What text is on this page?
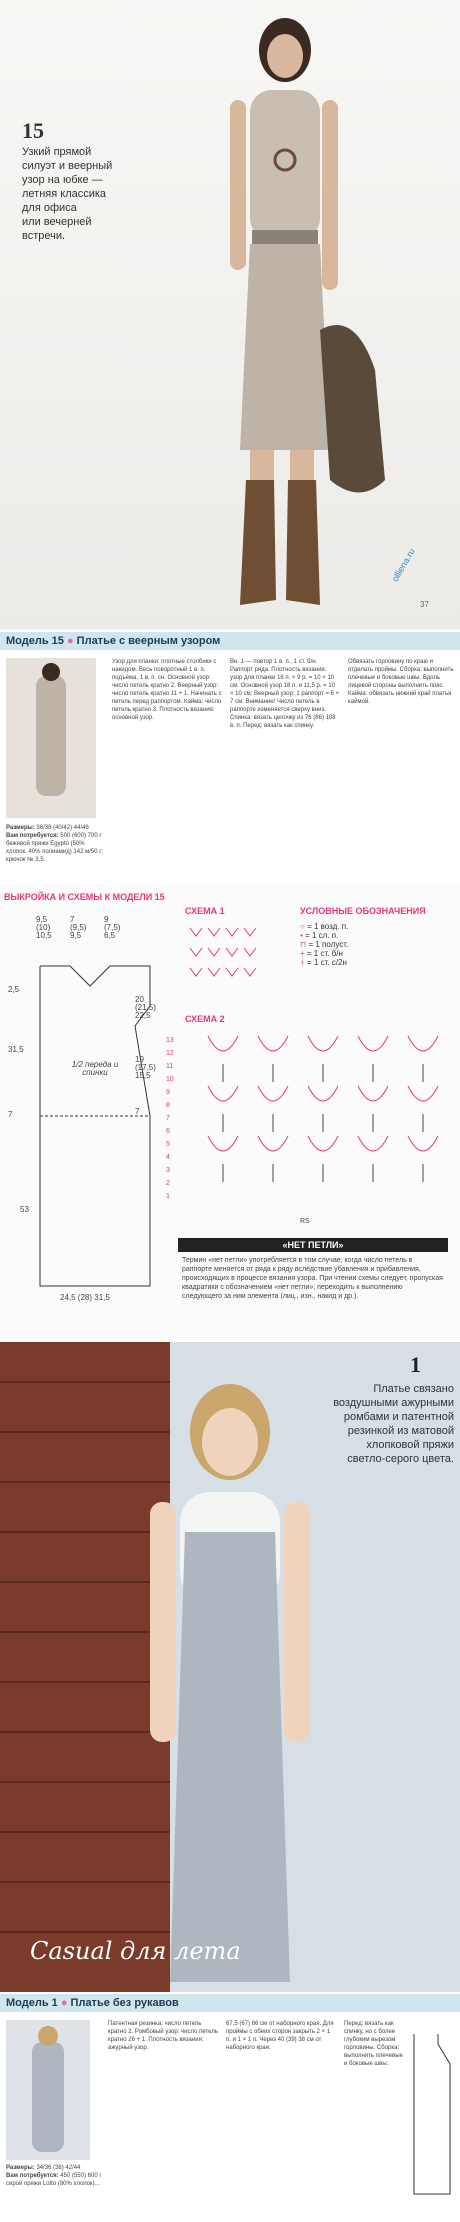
15
Узкий прямой
силуэт и веерный
узор на юбке —
летняя классика
для офиса
или вечерней
встречи.
37
olliena.ru
Модель 15 ● Платье с веерным узором
Размеры: 36/38 (40/42) 44/46
Вам потребуется: 500 (600) 700 г бежевой пряжи Egypto (50% хлопок, 40% полиамид) 142 м/50 г; крючок № 3,5.
Узор для планки: плотные столбики с накидом. Весь поворотный 1 в. п. подъёма, 1 в. п. сн. Основной узор: число петель кратно 2. Веерный узор: число петель кратно 11 + 1. Начинать с петель перед раппортом. Кайма: число петель кратно 3. Плотность вязания: основной узор.
Вн. 1 — повтор 1 в. п., 1 ст. б/н. Раппорт ряда. Плотность вязания: узор для планки 16 п. × 9 р. = 10 × 10 см. Основной узор 18 п. и 11,5 р. = 10 × 10 см; Веерный узор: 1 раппорт = 6 × 7 см. Внимание! Число петель в раппорте изменяется сверху вниз. Спинка: вязать цепочку из 76 (86) 108 в. п. Перед: вязать как спинку.
Обвязать горловину по краю и отделать проймы. Сборка: выполнить плечевые и боковые швы. Вдоль лицевой стороны выполнить пояс. Кайма: обвязать нижний край платья каймой.
ВЫКРОЙКА И СХЕМЫ К МОДЕЛИ 15
9,5
(10)
10,5
7
(9,5)
9,5
9
(7,5)
6,5
2,5
31,5
7
20
(21,5)
22,5
19
(17,5)
15,5
7
1/2 переда и спинки
53
24,5 (28) 31,5
СХЕМА 1	УСЛОВНЫЕ ОБОЗНАЧЕНИЯ
○ = 1 возд. п.
• = 1 сл. п.
⊓ = 1 полуст.
+ = 1 ст. б/н
ᚼ = 1 ст. с/2н
СХЕМА 2
13
12
11
10
9
8
7
6
5
4
3
2
1
RS
«НЕТ ПЕТЛИ»
Термин «нет петли» употребляется в том случае, когда число петель в раппорте меняется от ряда к ряду вследствие убавления и прибавления, происходящих в процессе вязания узора. При чтении схемы следует, пропуская квадратики с обозначением «нет петли», переходить к выполнению следующего за ним элемента (лиц., изн., накид и др.).
1
Платье связано
воздушными ажурными
ромбами и патентной
резинкой из матовой
хлопковой пряжи
светло-серого цвета.
Casual для лета
Модель 1 ● Платье без рукавов
Размеры: 34/36 (38) 42/44
Вам потребуется: 450 (550) 600 г серой пряжи Lotto (80% хлопок)...
Патентная резинка: число петель кратно 2. Ромбовый узор: число петель кратно 26 + 1. Плотность вязания: ажурный узор.
67,5 (67) 66 см от наборного края. Для проймы с обеих сторон закрыть 2 × 1 п. и 1 × 1 п. Через 40 (39) 38 см от наборного края.
Перед: вязать как спинку, но с более глубоким вырезом горловины. Сборка: выполнить плечевые и боковые швы.
